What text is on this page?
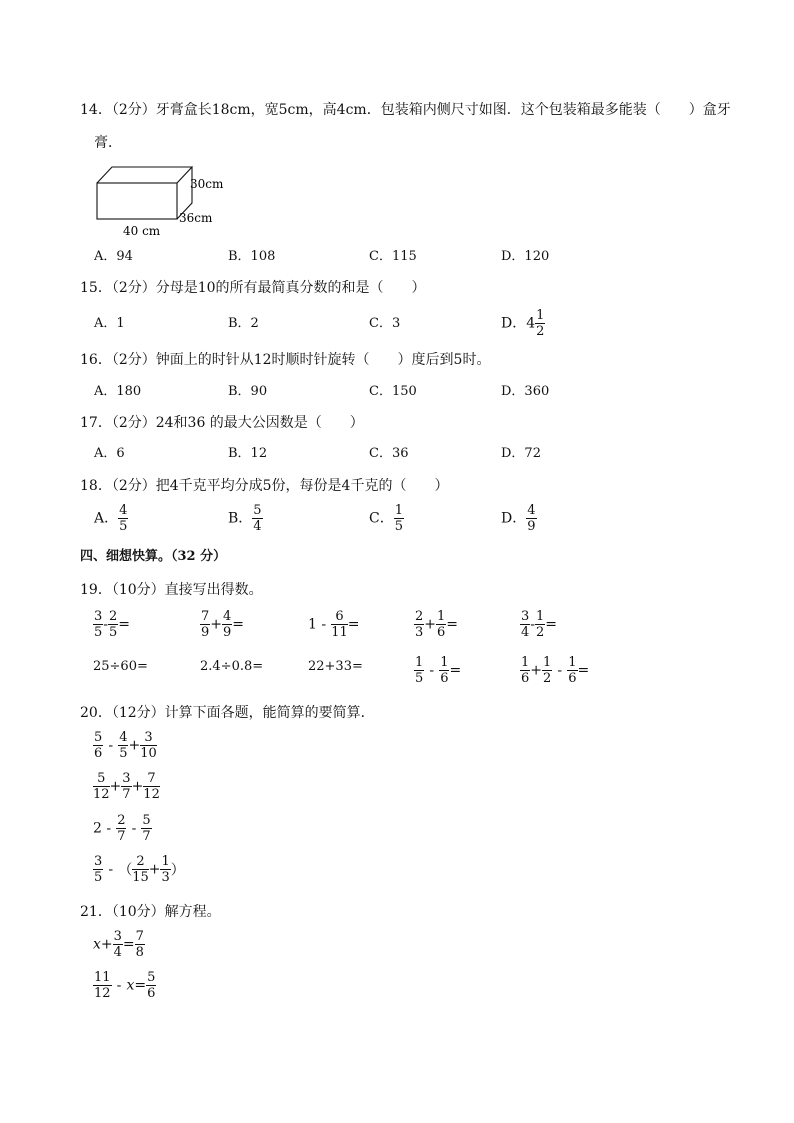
14．（2分）牙膏盒长18cm，宽5cm，高4cm．包装箱内侧尺寸如图．这个包装箱最多能装（　　）盒牙
膏．
30cm
36cm
40 cm
A．94	B．108	C．115	D．120
15．（2分）分母是10的所有最简真分数的和是（　　）
A．1	B．2	C．3	D．$4 \frac{1}{2}$
16．（2分）钟面上的时针从12时顺时针旋转（　　）度后到5时。
A．180	B．90	C．150	D．360
17．（2分）24和36 的最大公因数是（　　）
A．6	B．12	C．36	D．72
18．（2分）把4千克平均分成5份，每份是4千克的（　　）
A． $\frac{4}{5}$	B． $\frac{5}{4}$	C． $\frac{1}{5}$	D． $\frac{4}{9}$
四、细想快算。（32 分）
19．（10分）直接写出得数。
$\frac{3}{5} - \frac{2}{5}$ =	$\frac{7}{9} + \frac{4}{9}$ =	$1 - \frac{6}{11}$ =	$\frac{2}{3} + \frac{1}{6}$ =	$\frac{3}{4} - \frac{1}{2}$ =
25÷60=	2.4÷0.8=	22+33=	$\frac{1}{5} - \frac{1}{6}$ =	$\frac{1}{6} + \frac{1}{2} - \frac{1}{6}$ =
20．（12分）计算下面各题，能简算的要简算．
$\frac{5}{6} - \frac{4}{5} + \frac{3}{10}$
$\frac{5}{12} + \frac{3}{7} + \frac{7}{12}$
$2 - \frac{2}{7} - \frac{5}{7}$
$\frac{3}{5}$ - （ $\frac{2}{15} + \frac{1}{3}$ ）
21．（10分）解方程。
$x+ \frac{3}{4} = \frac{7}{8}$
$\frac{11}{12} - x= \frac{5}{6}$
